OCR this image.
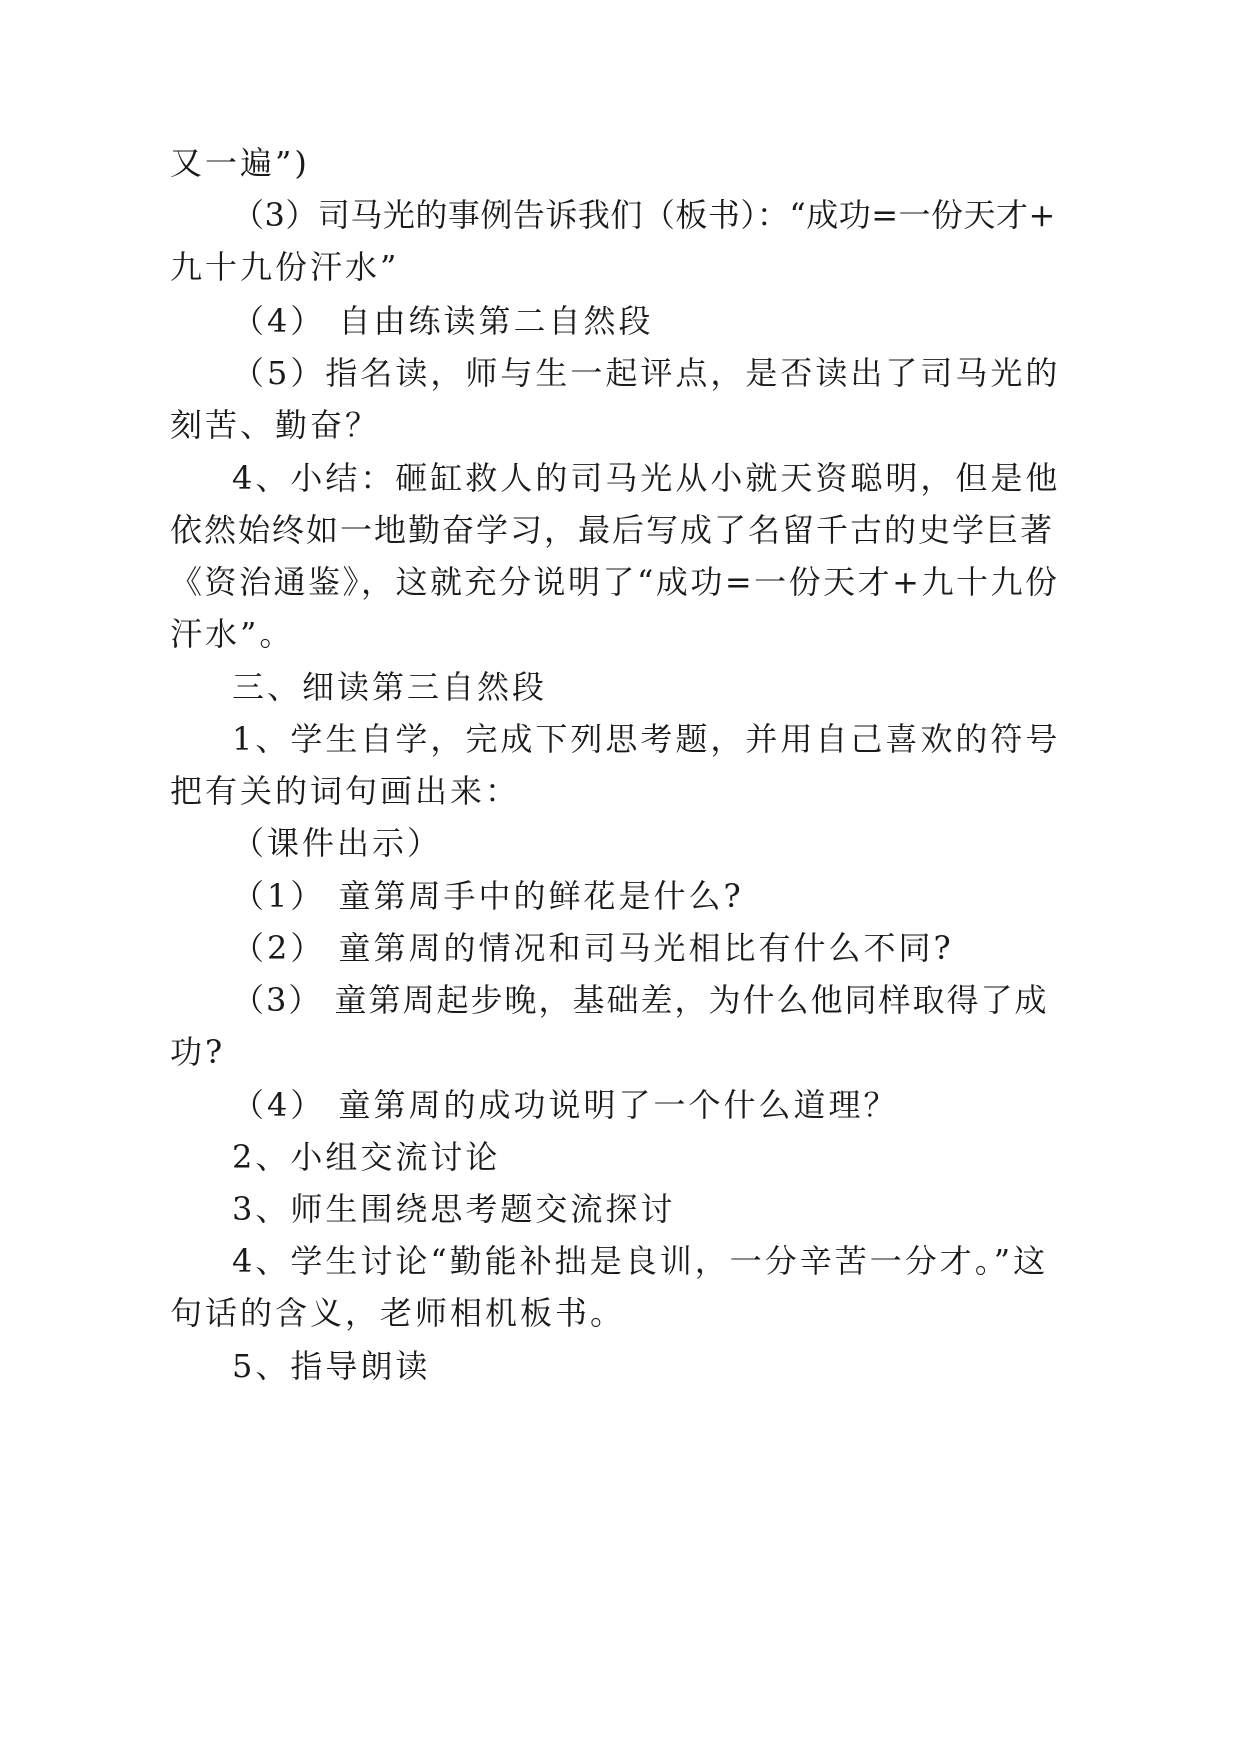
又一遍”)
（3）司马光的事例告诉我们（板书）：“成功=一份天才+
九十九份汗水”
（4） 自由练读第二自然段
（5）指名读，师与生一起评点，是否读出了司马光的
刻苦、勤奋？
4、小结：砸缸救人的司马光从小就天资聪明，但是他
依然始终如一地勤奋学习，最后写成了名留千古的史学巨著
《资治通鉴》，这就充分说明了“成功=一份天才+九十九份
汗水”。
三、细读第三自然段
1、学生自学，完成下列思考题，并用自己喜欢的符号
把有关的词句画出来：
（课件出示）
（1） 童第周手中的鲜花是什么?
（2） 童第周的情况和司马光相比有什么不同?
（3） 童第周起步晚，基础差，为什么他同样取得了成
功?
（4） 童第周的成功说明了一个什么道理？
2、小组交流讨论
3、师生围绕思考题交流探讨
4、学生讨论“勤能补拙是良训，一分辛苦一分才。”这
句话的含义，老师相机板书。
5、指导朗读
